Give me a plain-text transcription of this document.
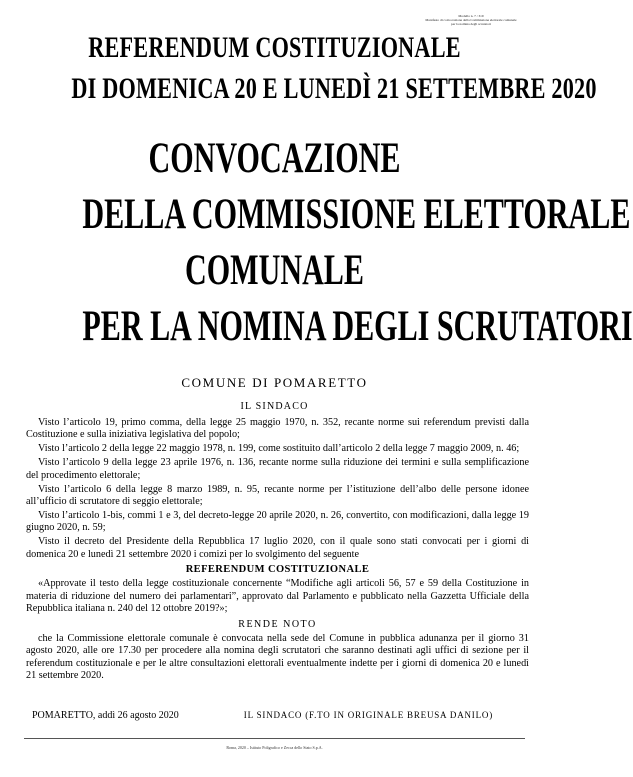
Modello n. 7 / 319
Manifesto di convocazione della Commissione elettorale comunale per la nomina degli scrutatori
REFERENDUM COSTITUZIONALE
DI DOMENICA 20 E LUNEDÌ 21 SETTEMBRE 2020
CONVOCAZIONE
DELLA COMMISSIONE ELETTORALE
COMUNALE
PER LA NOMINA DEGLI SCRUTATORI
COMUNE DI POMARETTO
IL SINDACO

Visto l’articolo 19, primo comma, della legge 25 maggio 1970, n. 352, recante norme sui referendum previsti dalla Costituzione e sulla iniziativa legislativa del popolo;

Visto l’articolo 2 della legge 22 maggio 1978, n. 199, come sostituito dall’articolo 2 della legge 7 maggio 2009, n. 46;

Visto l’articolo 9 della legge 23 aprile 1976, n. 136, recante norme sulla riduzione dei termini e sulla semplificazione del procedimento elettorale;

Visto l’articolo 6 della legge 8 marzo 1989, n. 95, recante norme per l’istituzione dell’albo delle persone idonee all’ufficio di scrutatore di seggio elettorale;

Visto l’articolo 1-bis, commi 1 e 3, del decreto-legge 20 aprile 2020, n. 26, convertito, con modificazioni, dalla legge 19 giugno 2020, n. 59;

Visto il decreto del Presidente della Repubblica 17 luglio 2020, con il quale sono stati convocati per i giorni di domenica 20 e lunedì 21 settembre 2020 i comizi per lo svolgimento del seguente

REFERENDUM COSTITUZIONALE

«Approvate il testo della legge costituzionale concernente “Modifiche agli articoli 56, 57 e 59 della Costituzione in materia di riduzione del numero dei parlamentari”, approvato dal Parlamento e pubblicato nella Gazzetta Ufficiale della Repubblica italiana n. 240 del 12 ottobre 2019?»;

RENDE NOTO

che la Commissione elettorale comunale è convocata nella sede del Comune in pubblica adunanza per il giorno 31 agosto 2020, alle ore 17.30 per procedere alla nomina degli scrutatori che saranno destinati agli uffici di sezione per il referendum costituzionale e per le altre consultazioni elettorali eventualmente indette per i giorni di domenica 20 e lunedì 21 settembre 2020.

POMARETTO, addì 26 agosto 2020	IL SINDACO (F.TO IN ORIGINALE BREUSA DANILO)
Roma, 2020 – Istituto Poligrafico e Zecca dello Stato S.p.A.
